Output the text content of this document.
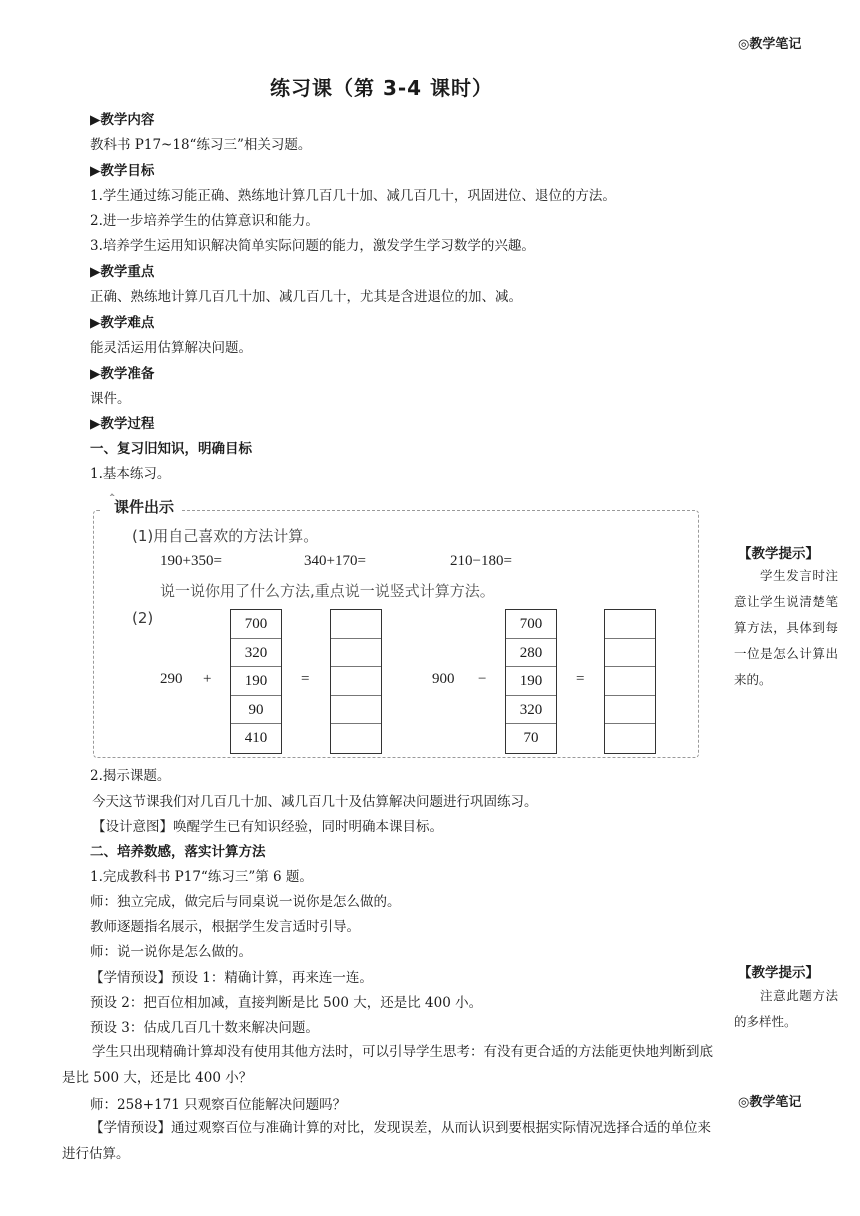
◎教学笔记
练习课（第 3-4 课时）
▶教学内容
教科书 P17~18“练习三”相关习题。
▶教学目标
1.学生通过练习能正确、熟练地计算几百几十加、减几百几十，巩固进位、退位的方法。
2.进一步培养学生的估算意识和能力。
3.培养学生运用知识解决简单实际问题的能力，激发学生学习数学的兴趣。
▶教学重点
正确、熟练地计算几百几十加、减几百几十，尤其是含进退位的加、减。
▶教学难点
能灵活运用估算解决问题。
▶教学准备
课件。
▶教学过程
一、复习旧知识，明确目标
1.基本练习。
课件出示
(1)用自己喜欢的方法计算。
190+350=	340+170=	210−180=
说一说你用了什么方法,重点说一说竖式计算方法。
(2)
290 +
700
320
190
90
410
=	900 −
700
280
190
320
70
=
2.揭示课题。
今天这节课我们对几百几十加、减几百几十及估算解决问题进行巩固练习。
【设计意图】唤醒学生已有知识经验，同时明确本课目标。
二、培养数感，落实计算方法
1.完成教科书 P17“练习三”第 6 题。
师：独立完成，做完后与同桌说一说你是怎么做的。
教师逐题指名展示，根据学生发言适时引导。
师：说一说你是怎么做的。
【学情预设】预设 1：精确计算，再来连一连。
预设 2：把百位相加减，直接判断是比 500 大，还是比 400 小。
预设 3：估成几百几十数来解决问题。
学生只出现精确计算却没有使用其他方法时，可以引导学生思考：有没有更合适的方法能更快地判断到底是比 500 大，还是比 400 小？
师：258+171 只观察百位能解决问题吗？
【学情预设】通过观察百位与准确计算的对比，发现误差，从而认识到要根据实际情况选择合适的单位来进行估算。
【教学提示】
学生发言时注意让学生说清楚笔算方法，具体到每一位是怎么计算出来的。
【教学提示】
注意此题方法的多样性。
◎教学笔记
